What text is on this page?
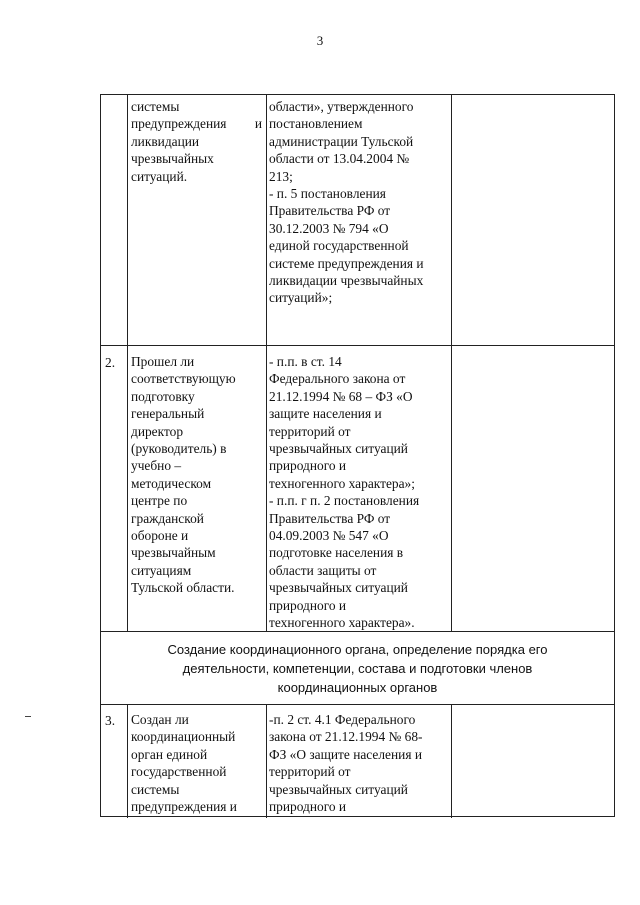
3
системы
предупреждения и
ликвидации
чрезвычайных
ситуаций.
области», утвержденного
постановлением
администрации Тульской
области от 13.04.2004 №
213;
- п. 5 постановления
Правительства РФ от
30.12.2003 № 794 «О
единой государственной
системе предупреждения и
ликвидации чрезвычайных
ситуаций»;
2.	Прошел ли
соответствующую
подготовку
генеральный
директор
(руководитель) в
учебно –
методическом
центре по
гражданской
обороне и
чрезвычайным
ситуациям
Тульской области.
- п.п. в ст. 14
Федерального закона от
21.12.1994 № 68 – ФЗ «О
защите населения и
территорий от
чрезвычайных ситуаций
природного и
техногенного характера»;
- п.п. г п. 2 постановления
Правительства РФ от
04.09.2003 № 547 «О
подготовке населения в
области защиты от
чрезвычайных ситуаций
природного и
техногенного характера».
Создание координационного органа, определение порядка его
деятельности, компетенции, состава и подготовки членов
координационных органов
3.	Создан ли
координационный
орган единой
государственной
системы
предупреждения и
-п. 2 ст. 4.1 Федерального
закона от 21.12.1994 № 68-
ФЗ «О защите населения и
территорий от
чрезвычайных ситуаций
природного и
